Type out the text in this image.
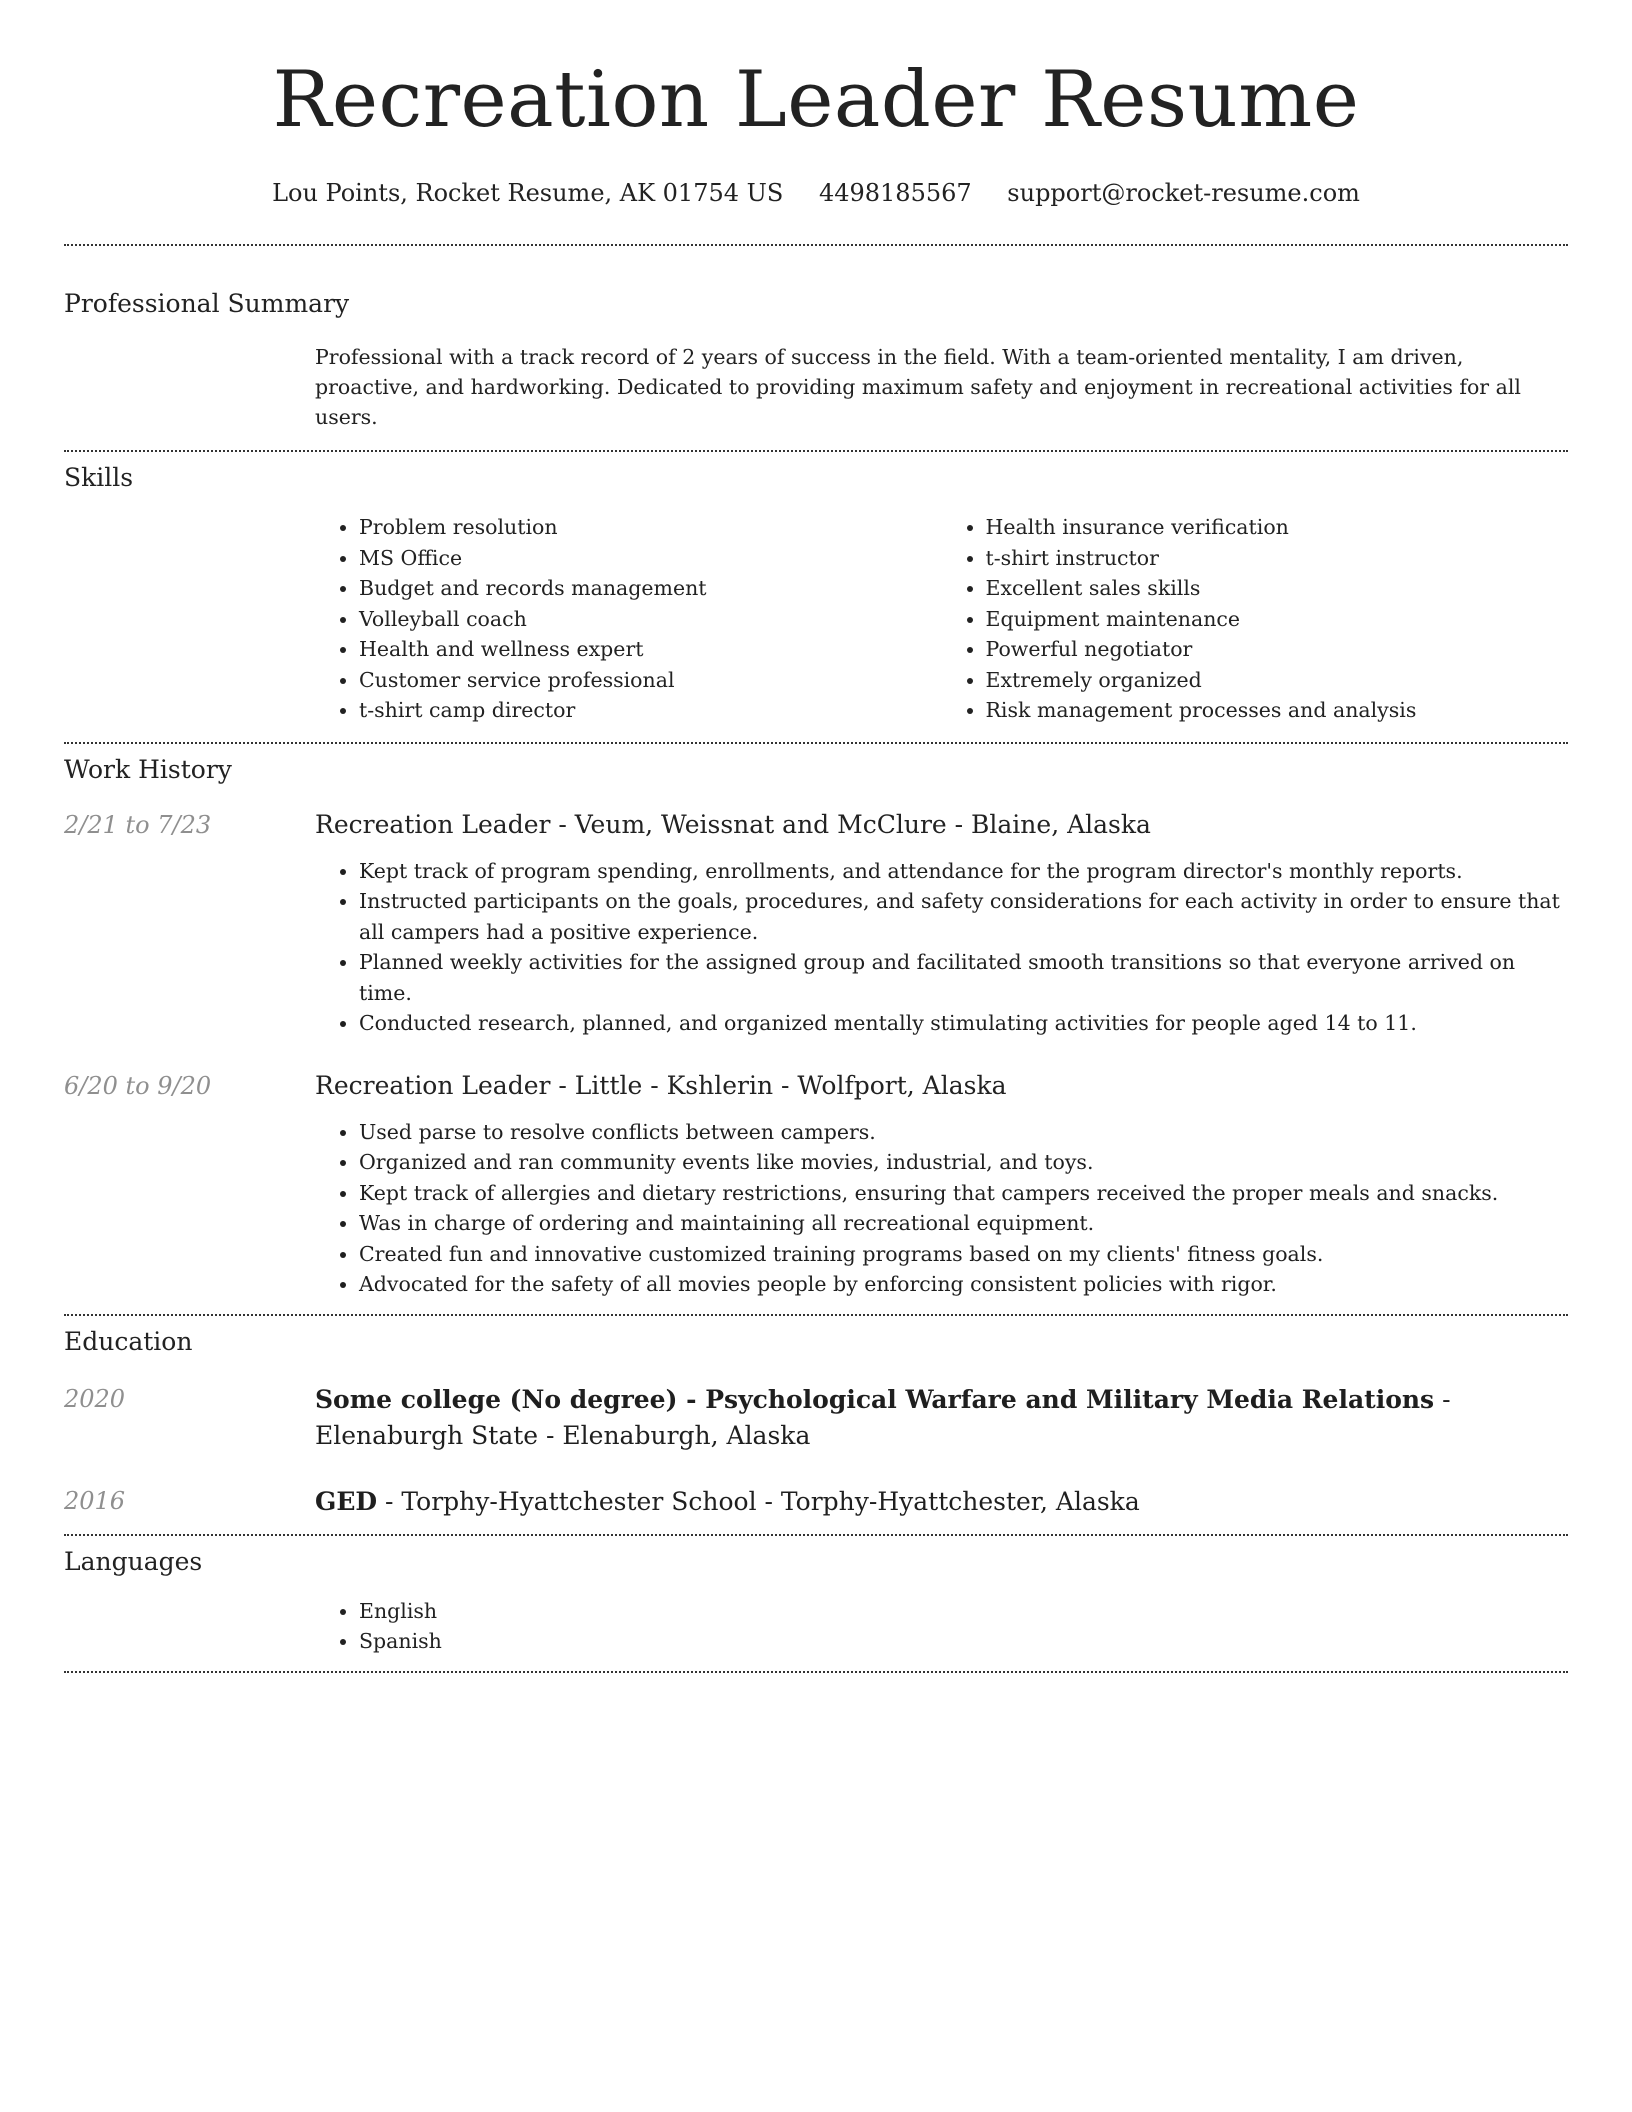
Recreation Leader Resume
Lou Points, Rocket Resume, AK 01754 US 4498185567 support@rocket-resume.com
Professional Summary
Professional with a track record of 2 years of success in the field. With a team-oriented mentality, I am driven, proactive, and hardworking. Dedicated to providing maximum safety and enjoyment in recreational activities for all users.
Skills
• Problem resolution
• MS Office
• Budget and records management
• Volleyball coach
• Health and wellness expert
• Customer service professional
• t-shirt camp director
• Health insurance verification
• t-shirt instructor
• Excellent sales skills
• Equipment maintenance
• Powerful negotiator
• Extremely organized
• Risk management processes and analysis
Work History
2/21 to 7/23	Recreation Leader - Veum, Weissnat and McClure - Blaine, Alaska
• Kept track of program spending, enrollments, and attendance for the program director's monthly reports.
• Instructed participants on the goals, procedures, and safety considerations for each activity in order to ensure that all campers had a positive experience.
• Planned weekly activities for the assigned group and facilitated smooth transitions so that everyone arrived on time.
• Conducted research, planned, and organized mentally stimulating activities for people aged 14 to 11.
6/20 to 9/20	Recreation Leader - Little - Kshlerin - Wolfport, Alaska
• Used parse to resolve conflicts between campers.
• Organized and ran community events like movies, industrial, and toys.
• Kept track of allergies and dietary restrictions, ensuring that campers received the proper meals and snacks.
• Was in charge of ordering and maintaining all recreational equipment.
• Created fun and innovative customized training programs based on my clients' fitness goals.
• Advocated for the safety of all movies people by enforcing consistent policies with rigor.
Education
2020	Some college (No degree) - Psychological Warfare and Military Media Relations - Elenaburgh State - Elenaburgh, Alaska
2016	GED - Torphy-Hyattchester School - Torphy-Hyattchester, Alaska
Languages
• English
• Spanish
